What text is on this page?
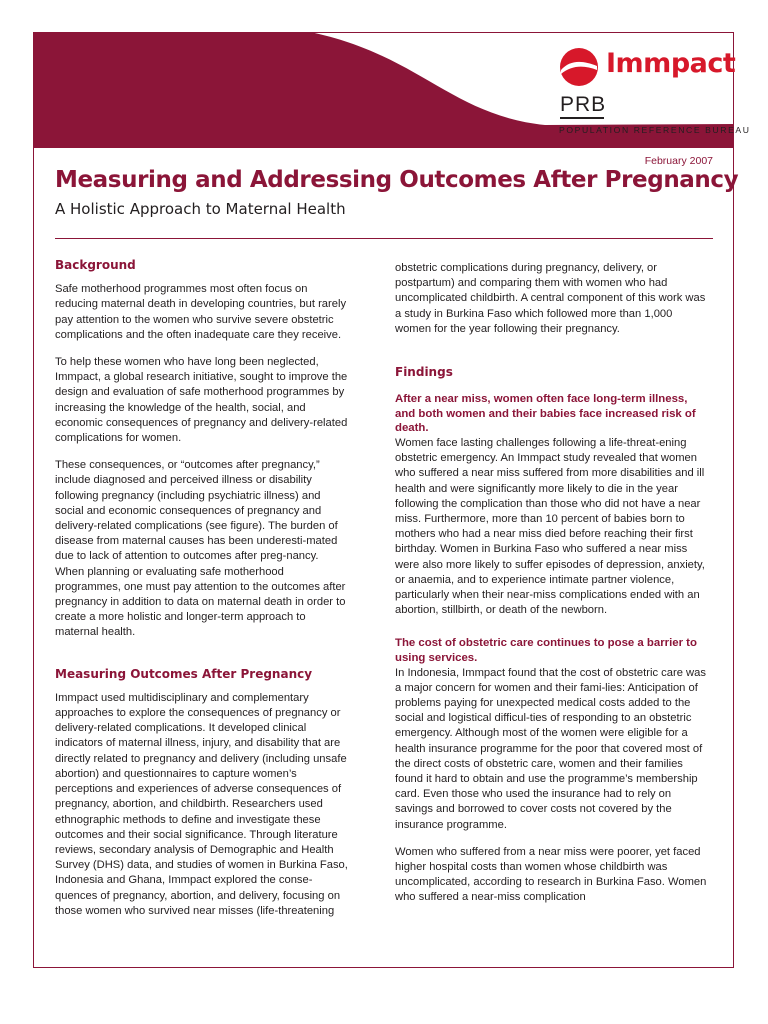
Immpact
PRB
POPULATION REFERENCE BUREAU
February 2007
Measuring and Addressing Outcomes After Pregnancy
A Holistic Approach to Maternal Health
Background

Safe motherhood programmes most often focus on reducing maternal death in developing countries, but rarely pay attention to the women who survive severe obstetric complications and the often inadequate care they receive.

To help these women who have long been neglected, Immpact, a global research initiative, sought to improve the design and evaluation of safe motherhood programmes by increasing the knowledge of the health, social, and economic consequences of pregnancy and delivery-related complications for women.

These consequences, or “outcomes after pregnancy,” include diagnosed and perceived illness or disability following pregnancy (including psychiatric illness) and social and economic consequences of pregnancy and delivery-related complications (see figure). The burden of disease from maternal causes has been underesti-mated due to lack of attention to outcomes after preg-nancy. When planning or evaluating safe motherhood programmes, one must pay attention to the outcomes after pregnancy in addition to data on maternal death in order to create a more holistic and longer-term approach to maternal health.

Measuring Outcomes After Pregnancy

Immpact used multidisciplinary and complementary approaches to explore the consequences of pregnancy or delivery-related complications. It developed clinical indicators of maternal illness, injury, and disability that are directly related to pregnancy and delivery (including unsafe abortion) and questionnaires to capture women’s perceptions and experiences of adverse consequences of pregnancy, abortion, and childbirth. Researchers used ethnographic methods to define and investigate these outcomes and their social significance. Through literature reviews, secondary analysis of Demographic and Health Survey (DHS) data, and studies of women in Burkina Faso, Indonesia and Ghana, Immpact explored the conse-quences of pregnancy, abortion, and delivery, focusing on those women who survived near misses (life-threatening

obstetric complications during pregnancy, delivery, or postpartum) and comparing them with women who had uncomplicated childbirth. A central component of this work was a study in Burkina Faso which followed more than 1,000 women for the year following their pregnancy.

Findings
After a near miss, women often face long-term illness, and both women and their babies face increased risk of death.

Women face lasting challenges following a life-threat-ening obstetric emergency. An Immpact study revealed that women who suffered a near miss suffered from more disabilities and ill health and were significantly more likely to die in the year following the complication than those who did not have a near miss. Furthermore, more than 10 percent of babies born to mothers who had a near miss died before reaching their first birthday. Women in Burkina Faso who suffered a near miss were also more likely to suffer episodes of depression, anxiety, or anaemia, and to experience intimate partner violence, particularly when their near-miss complications ended with an abortion, stillbirth, or death of the newborn.

The cost of obstetric care continues to pose a barrier to using services.

In Indonesia, Immpact found that the cost of obstetric care was a major concern for women and their fami-lies: Anticipation of problems paying for unexpected medical costs added to the social and logistical difficul-ties of responding to an obstetric emergency. Although most of the women were eligible for a health insurance programme for the poor that covered most of the direct costs of obstetric care, women and their families found it hard to obtain and use the programme’s membership card. Even those who used the insurance had to rely on savings and borrowed to cover costs not covered by the insurance programme.

Women who suffered from a near miss were poorer, yet faced higher hospital costs than women whose childbirth was uncomplicated, according to research in Burkina Faso. Women who suffered a near-miss complication
